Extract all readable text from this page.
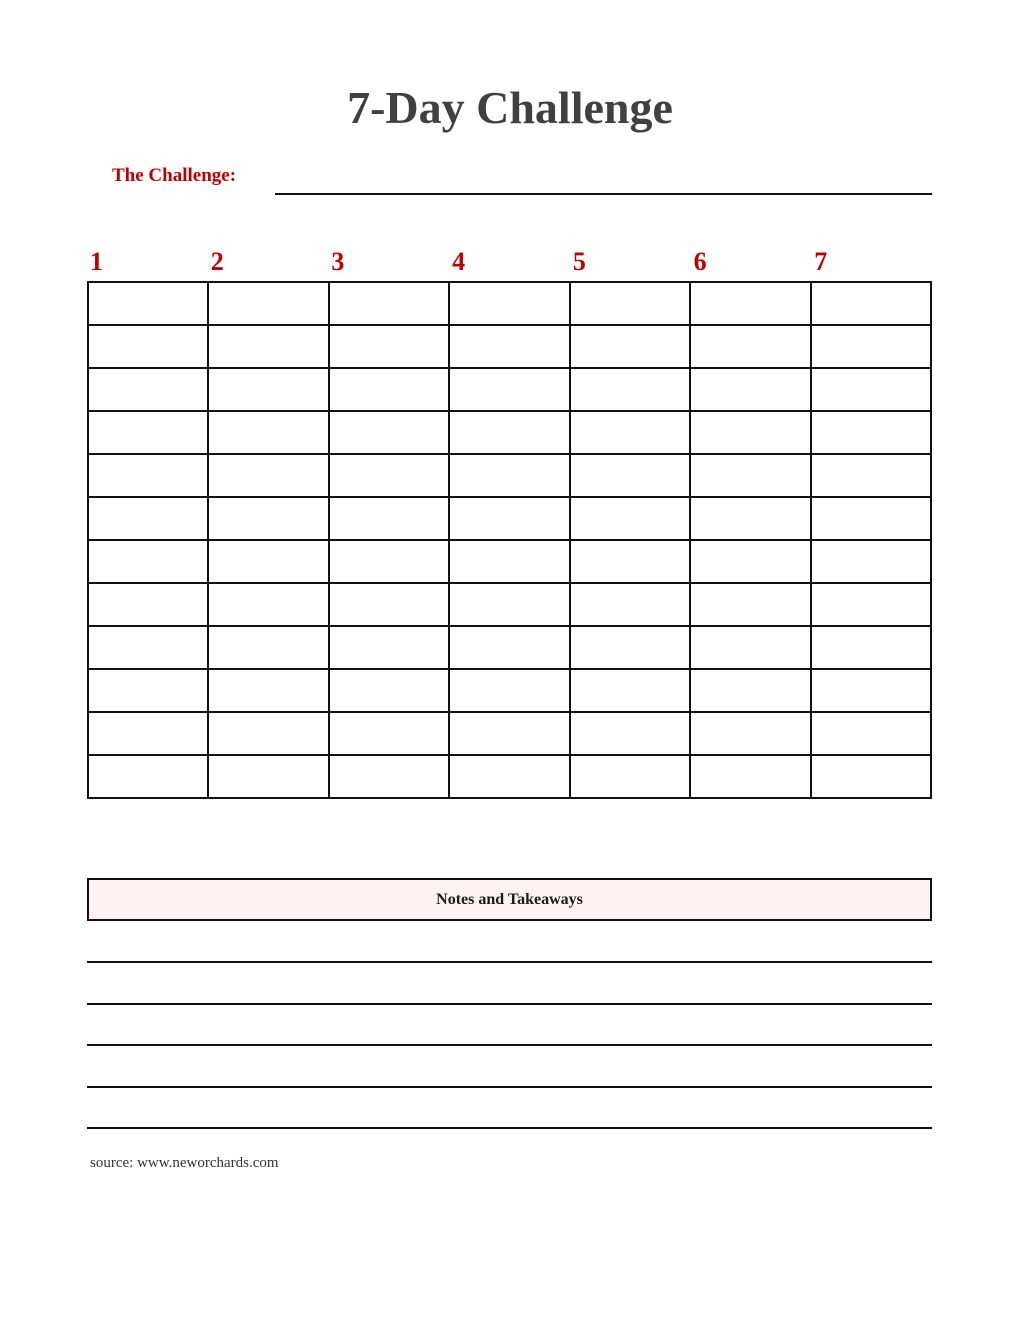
7-Day Challenge
The Challenge:
1	2	3	4	5	6	7

Notes and Takeaways
source: www.neworchards.com
